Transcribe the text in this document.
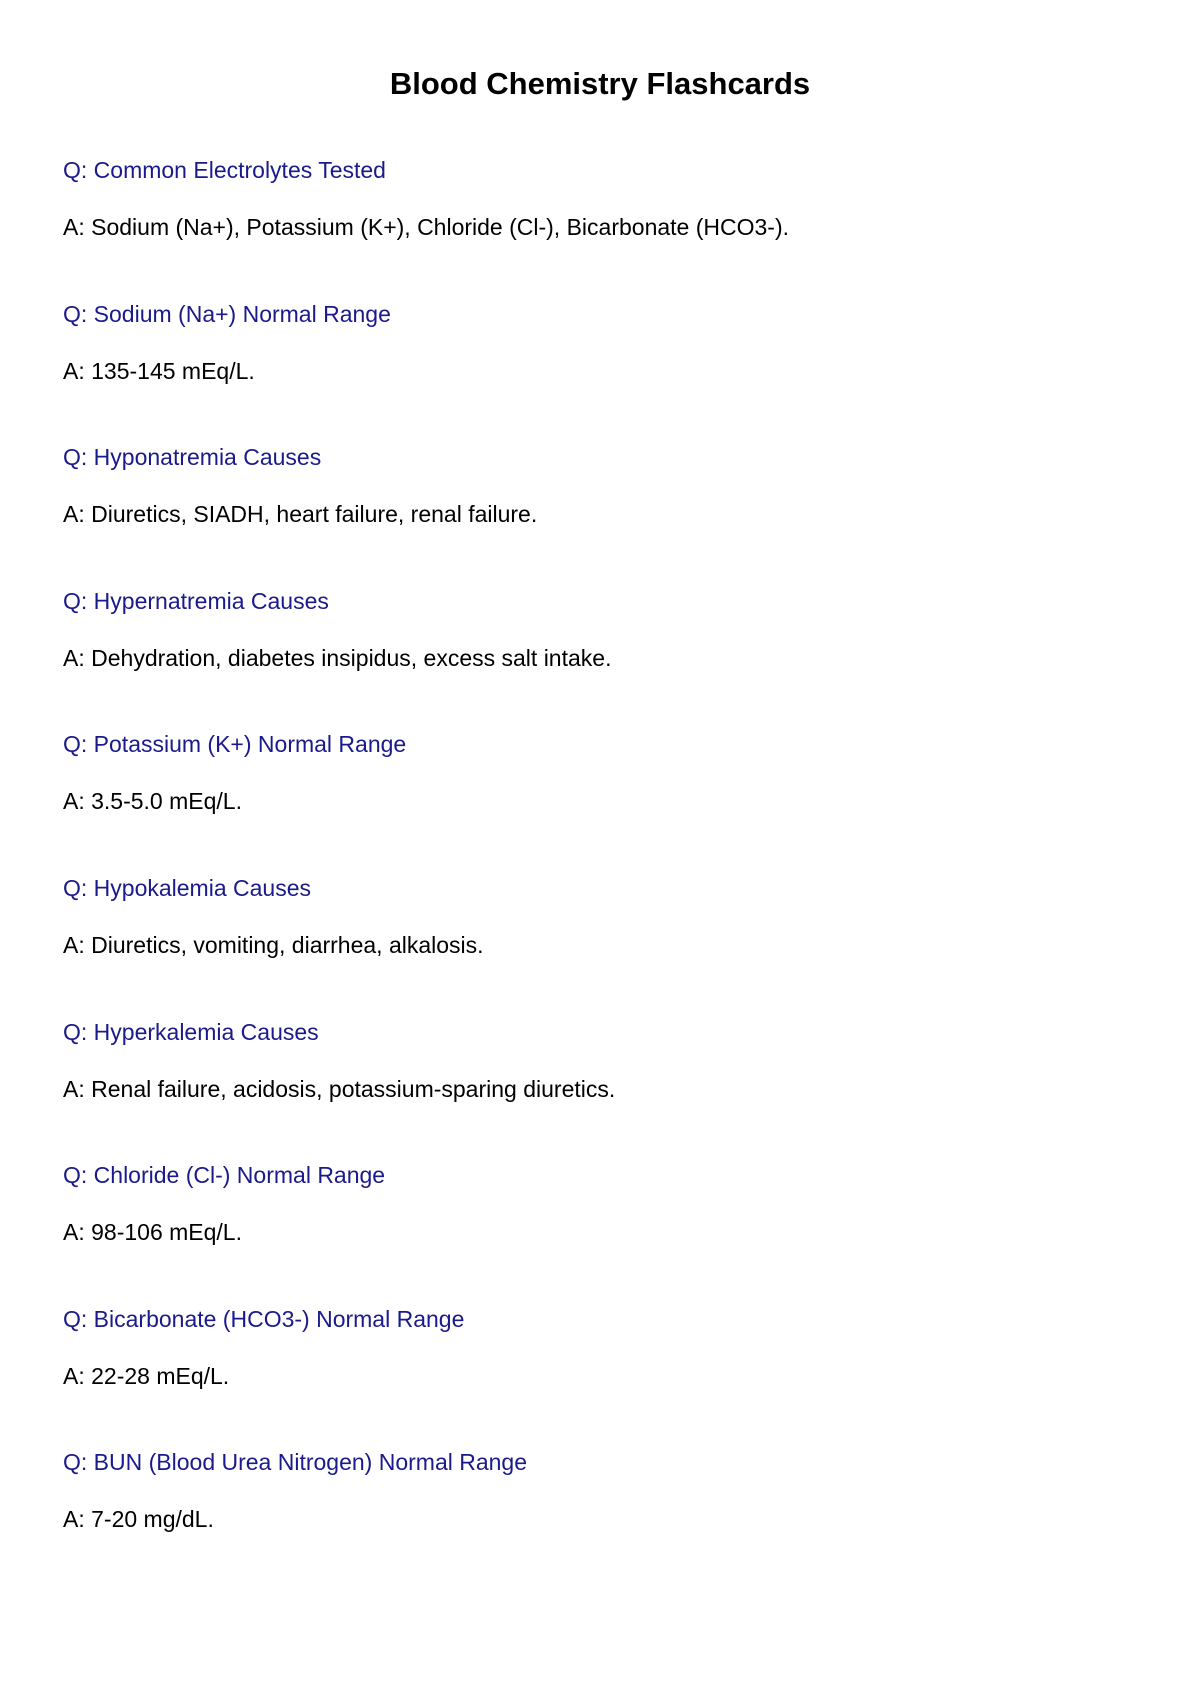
Blood Chemistry Flashcards
Q: Common Electrolytes Tested
A: Sodium (Na+), Potassium (K+), Chloride (Cl-), Bicarbonate (HCO3-).
Q: Sodium (Na+) Normal Range
A: 135-145 mEq/L.
Q: Hyponatremia Causes
A: Diuretics, SIADH, heart failure, renal failure.
Q: Hypernatremia Causes
A: Dehydration, diabetes insipidus, excess salt intake.
Q: Potassium (K+) Normal Range
A: 3.5-5.0 mEq/L.
Q: Hypokalemia Causes
A: Diuretics, vomiting, diarrhea, alkalosis.
Q: Hyperkalemia Causes
A: Renal failure, acidosis, potassium-sparing diuretics.
Q: Chloride (Cl-) Normal Range
A: 98-106 mEq/L.
Q: Bicarbonate (HCO3-) Normal Range
A: 22-28 mEq/L.
Q: BUN (Blood Urea Nitrogen) Normal Range
A: 7-20 mg/dL.
